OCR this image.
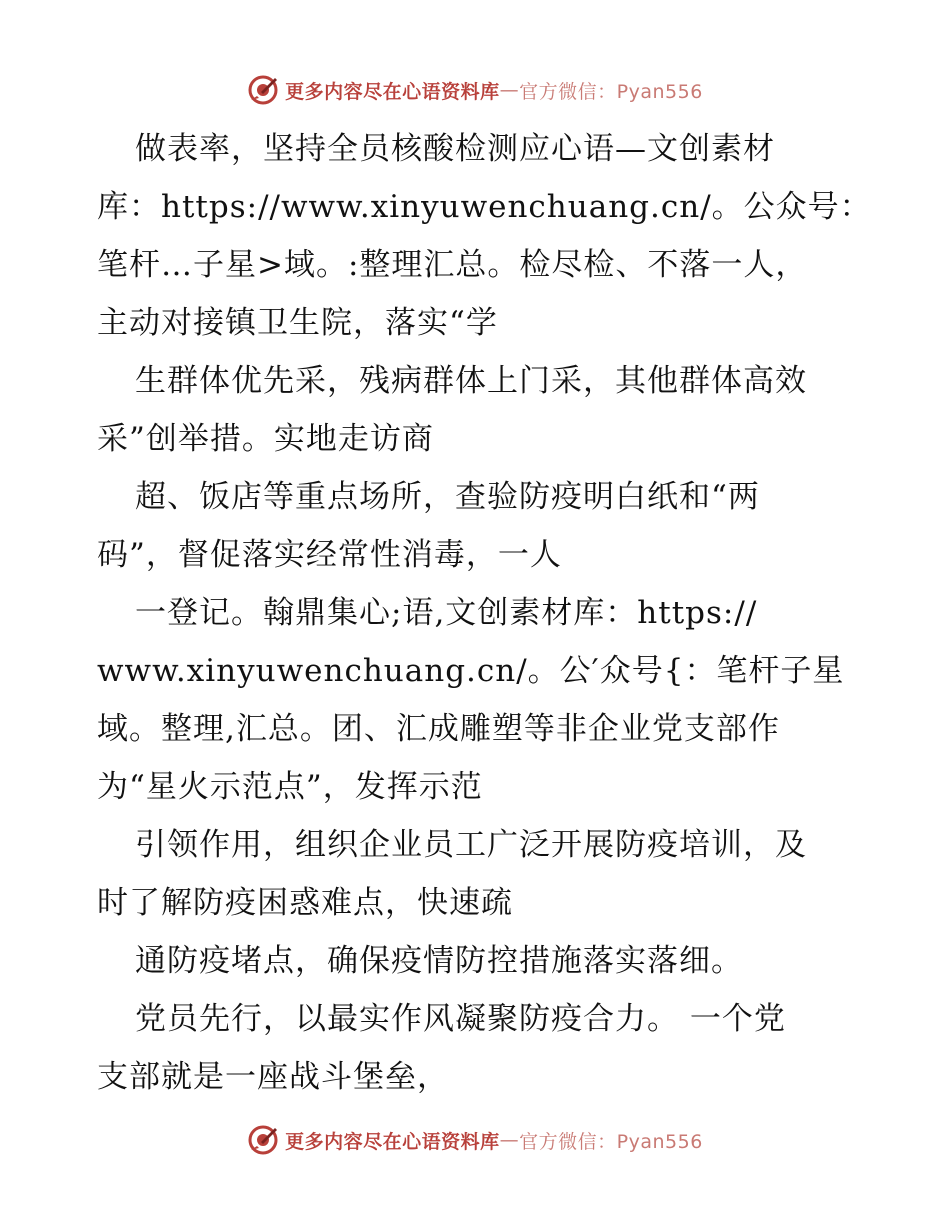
更多内容尽在心语资料库 — 官方微信：Pyan556
做表率，坚持全员核酸检测应心语—文创素材
库：https://www.xinyuwenchuang.cn/。公众号：
笔杆…子星>域。:整理汇总。检尽检、不落一人，
主动对接镇卫生院，落实“学
生群体优先采，残病群体上门采，其他群体高效
采”创举措。实地走访商
超、饭店等重点场所，查验防疫明白纸和“两
码”，督促落实经常性消毒，一人
一登记。翰鼎集心;语,文创素材库：https://
www.xinyuwenchuang.cn/。公′众号{：笔杆子星
域。整理,汇总。团、汇成雕塑等非企业党支部作
为“星火示范点”，发挥示范
引领作用，组织企业员工广泛开展防疫培训，及
时了解防疫困惑难点，快速疏
通防疫堵点，确保疫情防控措施落实落细。
党员先行，以最实作风凝聚防疫合力。 一个党
支部就是一座战斗堡垒，
更多内容尽在心语资料库 — 官方微信：Pyan556
